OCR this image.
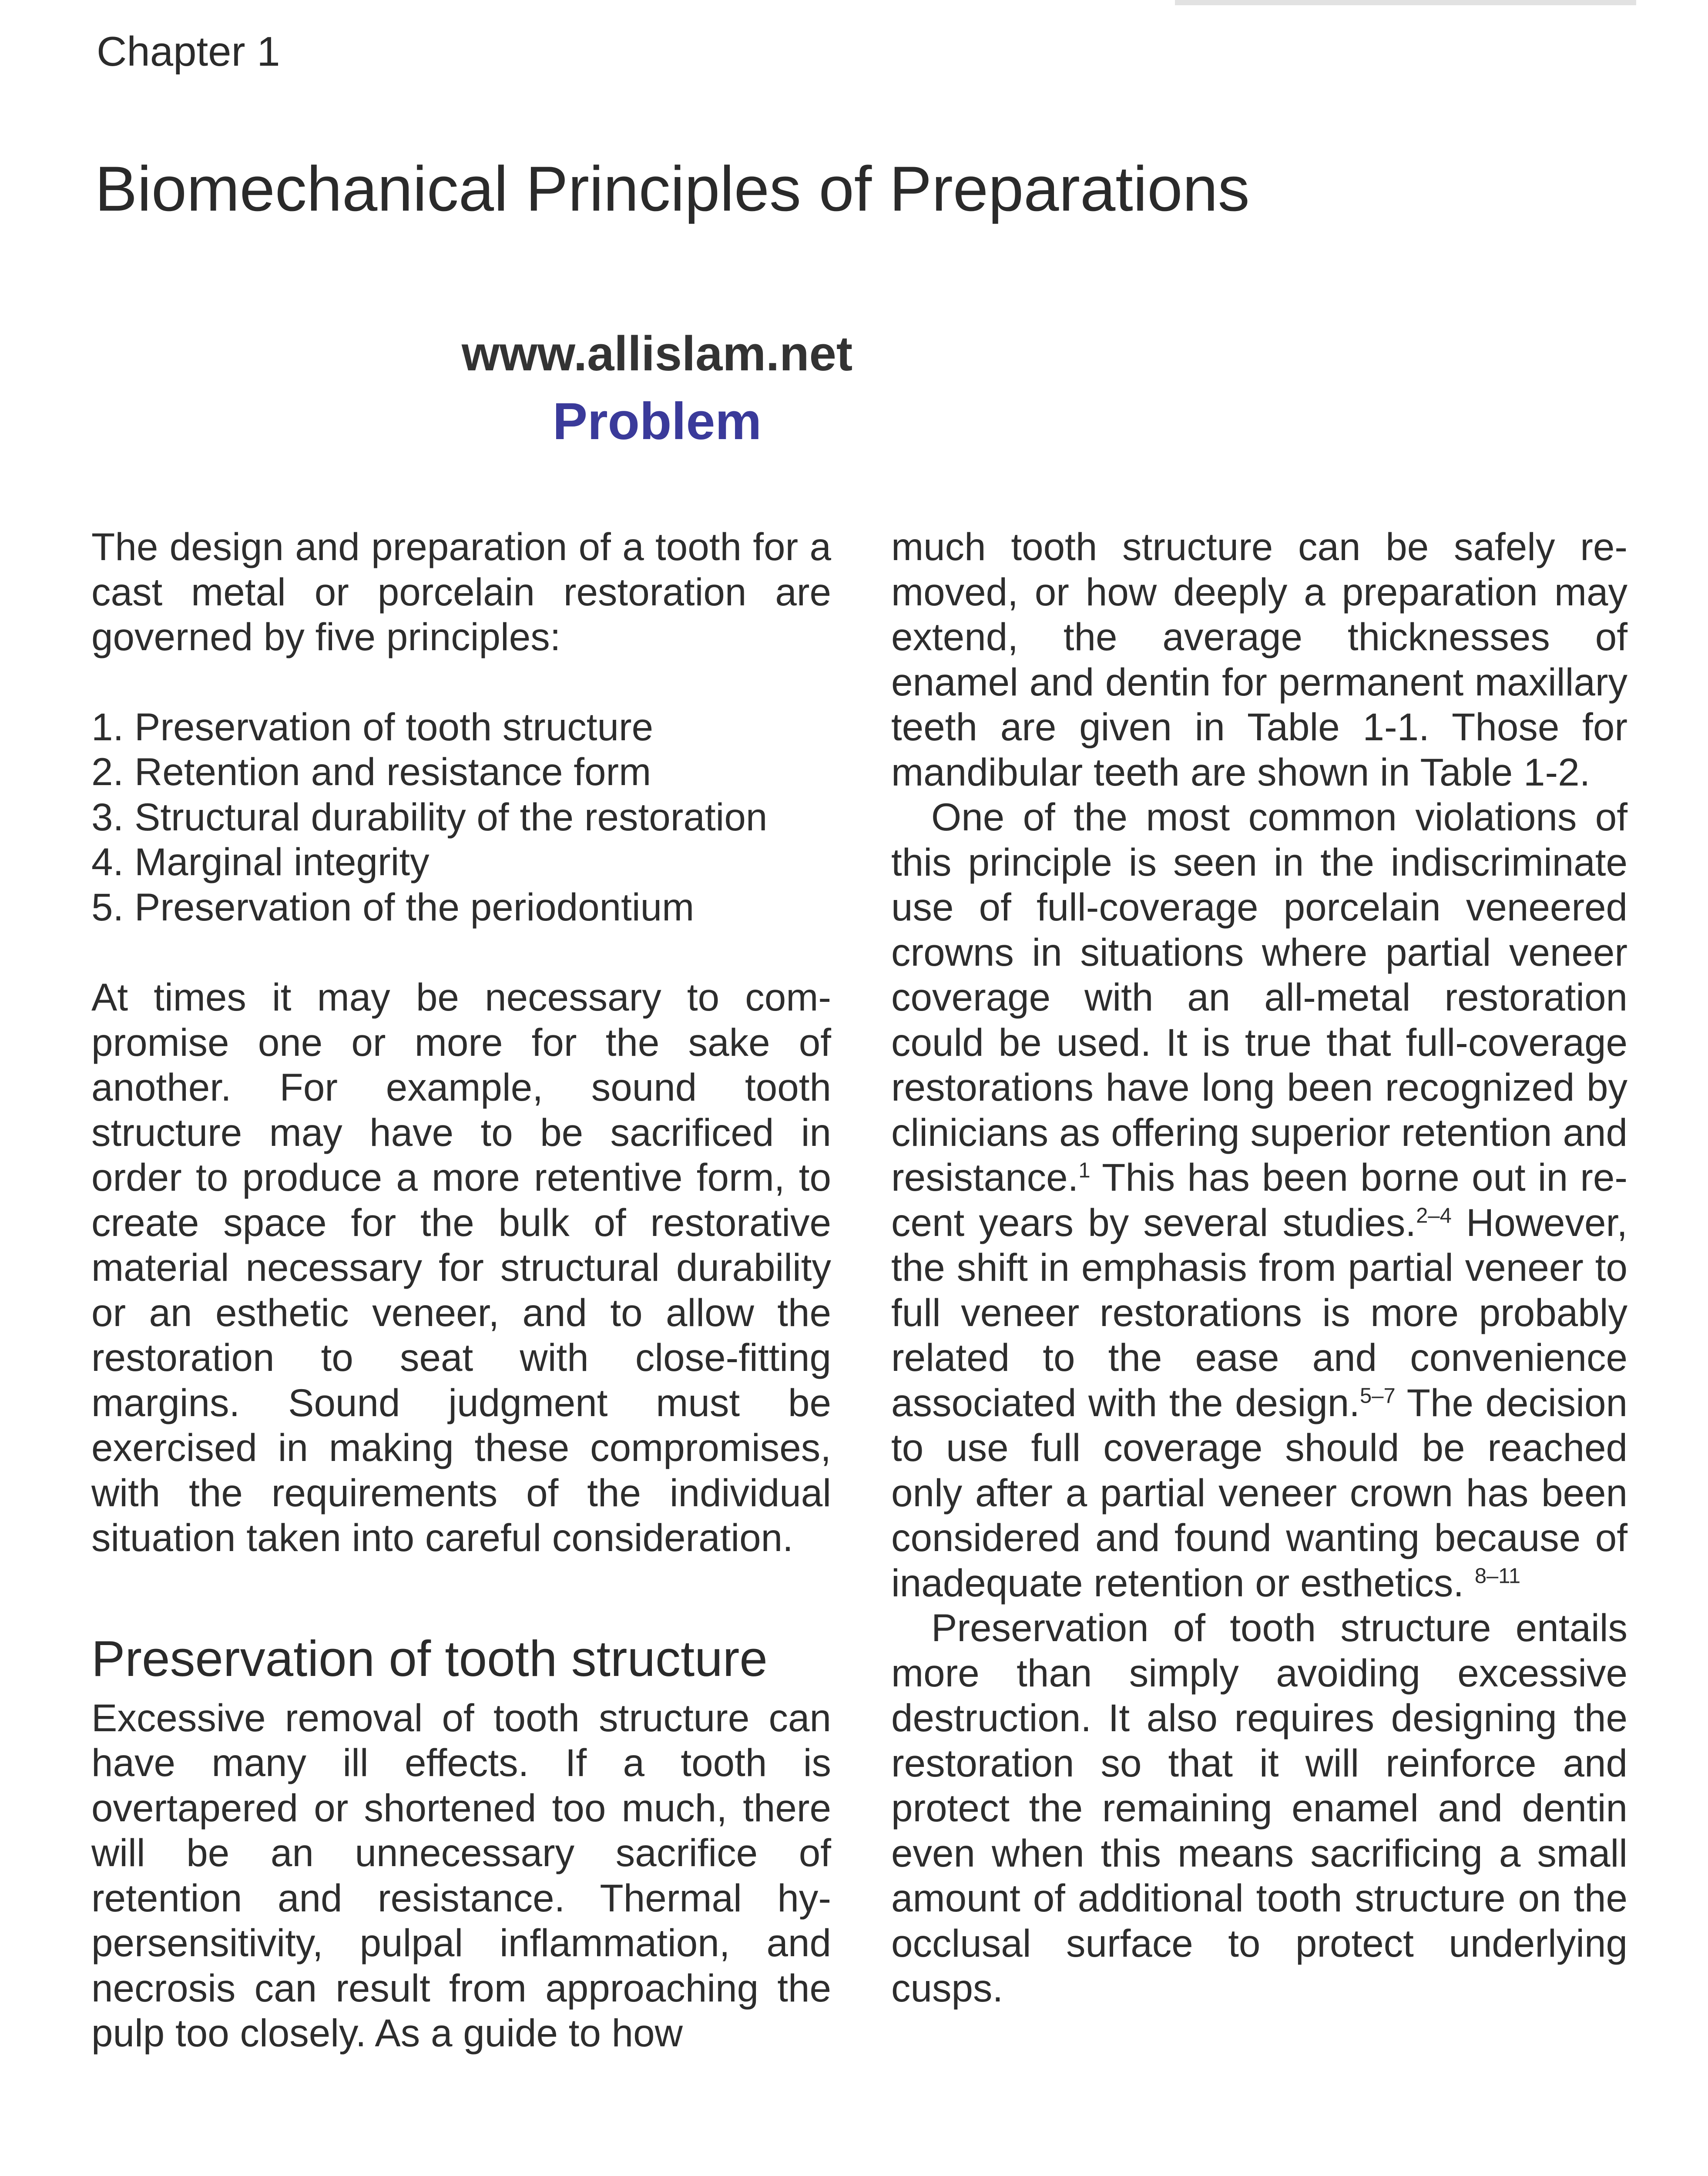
Chapter 1
Biomechanical Principles of Preparations
www.allislam.net
Problem

The design and preparation of a tooth for a cast metal or porcelain restoration are governed by five principles:

1. Preservation of tooth structure
2. Retention and resistance form
3. Structural durability of the restoration
4. Marginal integrity
5. Preservation of the periodontium

At times it may be necessary to compromise one or more for the sake of another. For example, sound tooth structure may have to be sacrificed in order to produce a more retentive form, to create space for the bulk of restorative material necessary for structural durability or an esthetic veneer, and to allow the restoration to seat with close-fitting margins. Sound judgment must be exercised in making these compromises, with the requirements of the individual situation taken into careful consideration.

Preservation of tooth structure

Excessive removal of tooth structure can have many ill effects. If a tooth is overtapered or shortened too much, there will be an unnecessary sacrifice of retention and resistance. Thermal hypersensitivity, pulpal inflammation, and necrosis can result from approaching the pulp too closely. As a guide to how

much tooth structure can be safely removed, or how deeply a preparation may extend, the average thicknesses of enamel and dentin for permanent maxillary teeth are given in Table 1-1. Those for mandibular teeth are shown in Table 1-2.

One of the most common violations of this principle is seen in the indiscriminate use of full-coverage porcelain veneered crowns in situations where partial veneer coverage with an all-metal restoration could be used. It is true that full-coverage restorations have long been recognized by clinicians as offering superior retention and resistance.$^1$ This has been borne out in recent years by several studies.$^{2-4}$ However, the shift in emphasis from partial veneer to full veneer restorations is more probably related to the ease and convenience associated with the design.$^{5-7}$ The decision to use full coverage should be reached only after a partial veneer crown has been considered and found wanting because of inadequate retention or esthetics. $^{8-11}$

Preservation of tooth structure entails more than simply avoiding excessive destruction. It also requires designing the restoration so that it will reinforce and protect the remaining enamel and dentin even when this means sacrificing a small amount of additional tooth structure on the occlusal surface to protect underlying cusps.
